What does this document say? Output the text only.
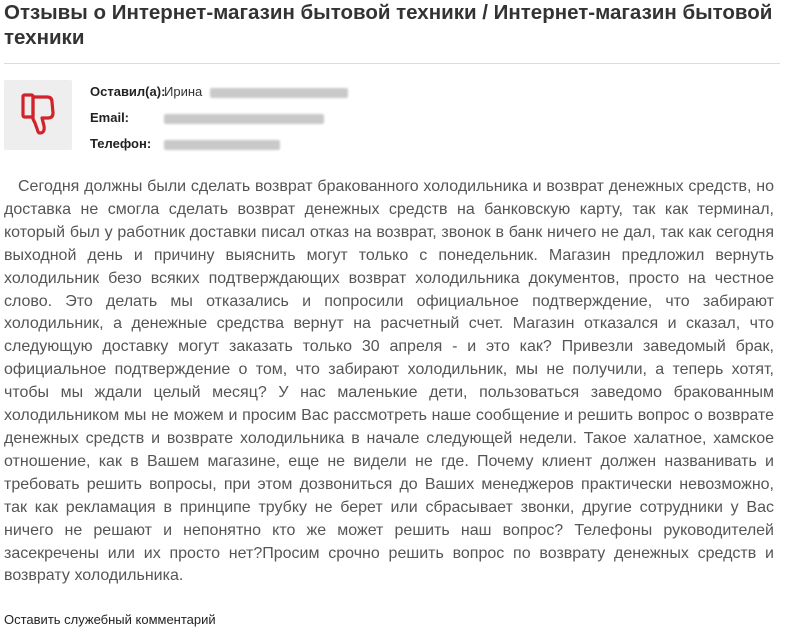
Отзывы о Интернет-магазин бытовой техники / Интернет-магазин бытовой техники
Оставил(а):
Ирина
Email:
Телефон:
Сегодня должны были сделать возврат бракованного холодильника и возврат денежных средств, но доставка не смогла сделать возврат денежных средств на банковскую карту, так как терминал, который был у работник доставки писал отказ на возврат, звонок в банк ничего не дал, так как сегодня выходной день и причину выяснить могут только с понедельник. Магазин предложил вернуть холодильник безо всяких подтверждающих возврат холодильника документов, просто на честное слово. Это делать мы отказались и попросили официальное подтверждение, что забирают холодильник, а денежные средства вернут на расчетный счет. Магазин отказался и сказал, что следующую доставку могут заказать только 30 апреля - и это как? Привезли заведомый брак, официальное подтверждение о том, что забирают холодильник, мы не получили, а теперь хотят, чтобы мы ждали целый месяц? У нас маленькие дети, пользоваться заведомо бракованным холодильником мы не можем и просим Вас рассмотреть наше сообщение и решить вопрос о возврате денежных средств и возврате холодильника в начале следующей недели. Такое халатное, хамское отношение, как в Вашем магазине, еще не видели не где. Почему клиент должен названивать и требовать решить вопросы, при этом дозвониться до Ваших менеджеров практически невозможно, так как рекламация в принципе трубку не берет или сбрасывает звонки, другие сотрудники у Вас ничего не решают и непонятно кто же может решить наш вопрос? Телефоны руководителей засекречены или их просто нет?Просим срочно решить вопрос по возврату денежных средств и возврату холодильника.
Оставить служебный комментарий
